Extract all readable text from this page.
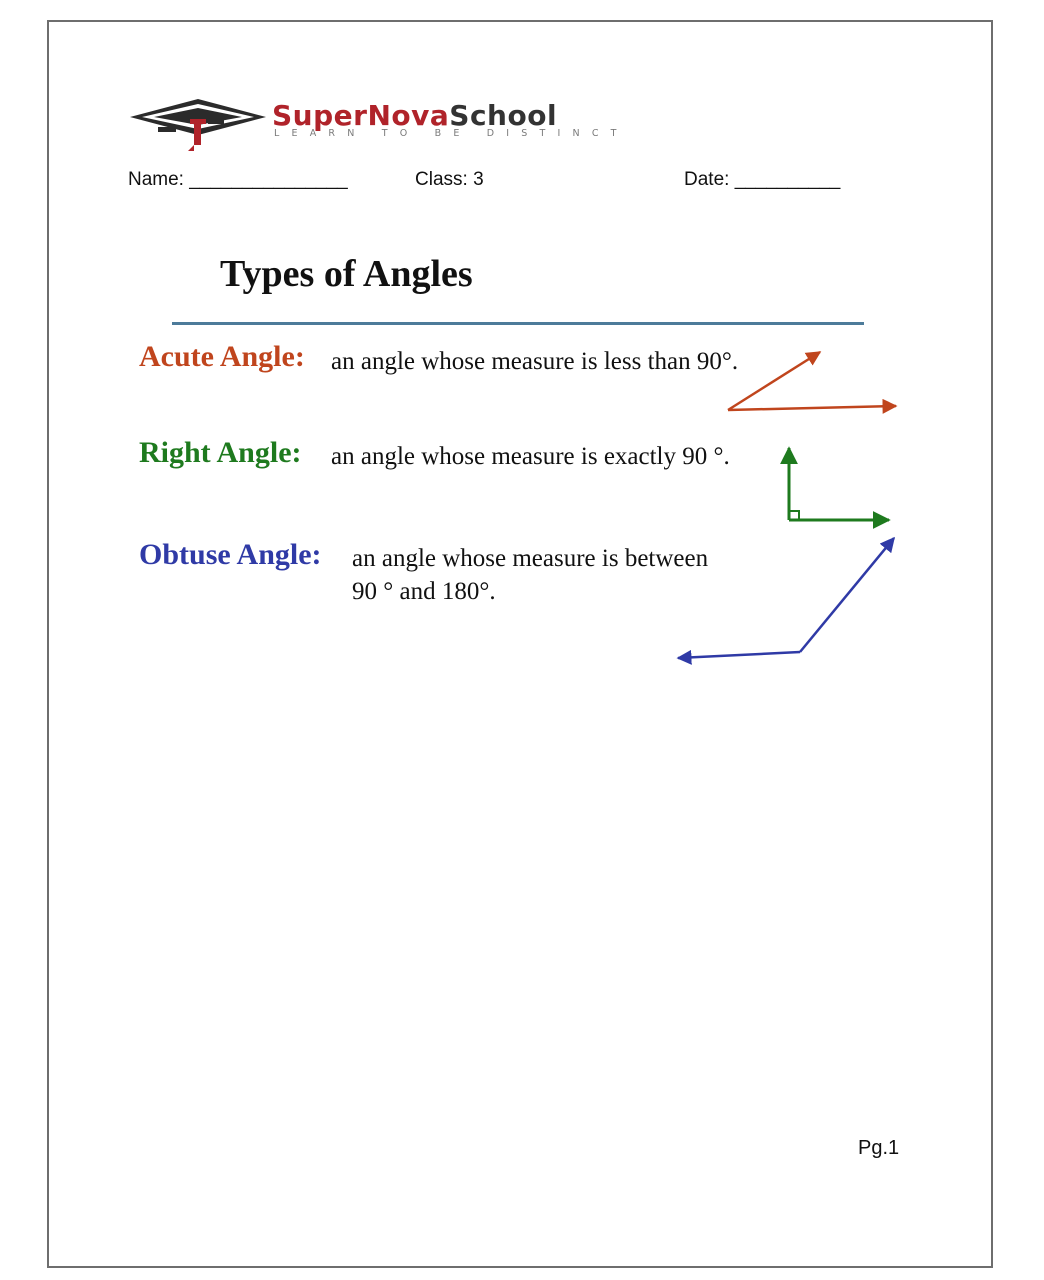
SuperNovaSchool
LEARN TO BE DISTINCT
Name: _______________	Class: 3	Date: __________
Types of Angles
Acute Angle: an angle whose measure is less than 90°.
Right Angle: an angle whose measure is exactly 90 °.
Obtuse Angle: an angle whose measure is between
90 ° and 180°.
Pg.1
